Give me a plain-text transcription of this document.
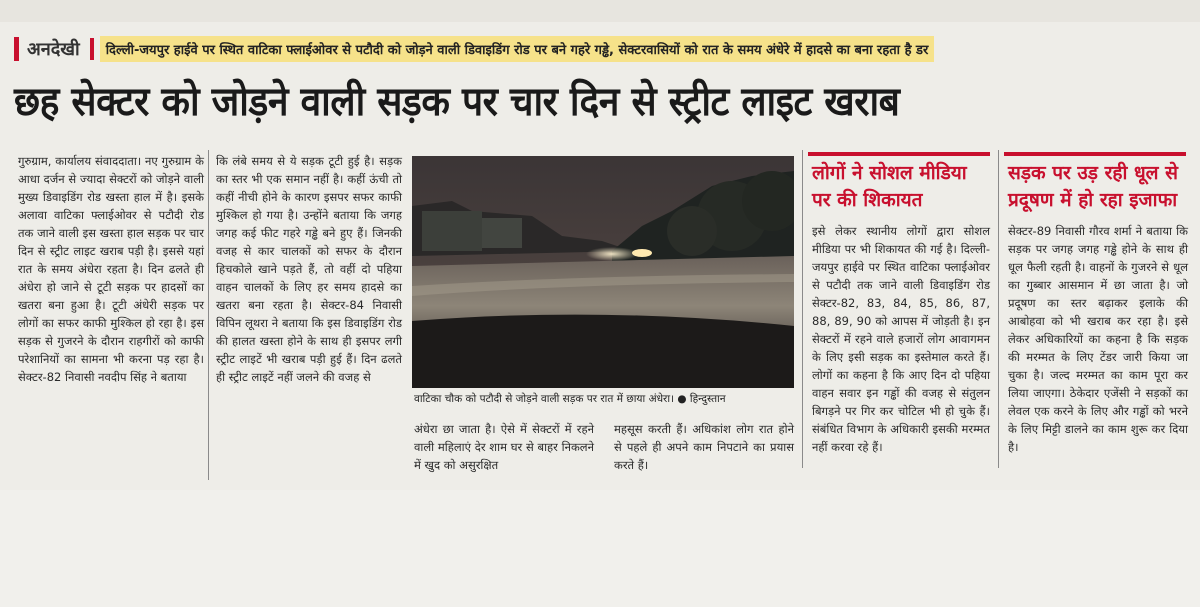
अनदेखी	दिल्ली-जयपुर हाईवे पर स्थित वाटिका फ्लाईओवर से पटौदी को जोड़ने वाली डिवाइडिंग रोड पर बने गहरे गड्ढे, सेक्टरवासियों को रात के समय अंधेरे में हादसे का बना रहता है डर
छह सेक्टर को जोड़ने वाली सड़क पर चार दिन से स्ट्रीट लाइट खराब
गुरुग्राम, कार्यालय संवाददाता। नए गुरुग्राम के आधा दर्जन से ज्यादा सेक्टरों को जोड़ने वाली मुख्य डिवाइडिंग रोड खस्ता हाल में है। इसके अलावा वाटिका फ्लाईओवर से पटौदी रोड तक जाने वाली इस खस्ता हाल सड़क पर चार दिन से स्ट्रीट लाइट खराब पड़ी है। इससे यहां रात के समय अंधेरा रहता है। दिन ढलते ही अंधेरा हो जाने से टूटी सड़क पर हादसों का खतरा बना हुआ है। टूटी अंधेरी सड़क पर लोगों का सफर काफी मुश्किल हो रहा है। इस सड़क से गुजरने के दौरान राहगीरों को काफी परेशानियों का सामना भी करना पड़ रहा है। सेक्टर-82 निवासी नवदीप सिंह ने बताया
कि लंबे समय से ये सड़क टूटी हुई है। सड़क का स्तर भी एक समान नहीं है। कहीं ऊंची तो कहीं नीची होने के कारण इसपर सफर काफी मुश्किल हो गया है। उन्होंने बताया कि जगह जगह कई फीट गहरे गड्ढे बने हुए हैं। जिनकी वजह से कार चालकों को सफर के दौरान हिचकोले खाने पड़ते हैं, तो वहीं दो पहिया वाहन चालकों के लिए हर समय हादसे का खतरा बना रहता है। सेक्टर-84 निवासी विपिन लूथरा ने बताया कि इस डिवाइडिंग रोड की हालत खस्ता होने के साथ ही इसपर लगी स्ट्रीट लाइटें भी खराब पड़ी हुई हैं। दिन ढलते ही स्ट्रीट लाइटें नहीं जलने की वजह से
वाटिका चौक को पटौदी से जोड़ने वाली सड़क पर रात में छाया अंधेरा। ● हिन्दुस्तान
अंधेरा छा जाता है। ऐसे में सेक्टरों में रहने वाली महिलाएं देर शाम घर से बाहर निकलने में खुद को असुरक्षित
महसूस करती हैं। अधिकांश लोग रात होने से पहले ही अपने काम निपटाने का प्रयास करते हैं।
लोगों ने सोशल मीडिया पर की शिकायत
इसे लेकर स्थानीय लोगों द्वारा सोशल मीडिया पर भी शिकायत की गई है। दिल्ली-जयपुर हाईवे पर स्थित वाटिका फ्लाईओवर से पटौदी तक जाने वाली डिवाइडिंग रोड सेक्टर-82, 83, 84, 85, 86, 87, 88, 89, 90 को आपस में जोड़ती है। इन सेक्टरों में रहने वाले हजारों लोग आवागमन के लिए इसी सड़क का इस्तेमाल करते हैं। लोगों का कहना है कि आए दिन दो पहिया वाहन सवार इन गड्ढों की वजह से संतुलन बिगड़ने पर गिर कर चोटिल भी हो चुके हैं। संबंधित विभाग के अधिकारी इसकी मरम्मत नहीं करवा रहे हैं।
सड़क पर उड़ रही धूल से प्रदूषण में हो रहा इजाफा
सेक्टर-89 निवासी गौरव शर्मा ने बताया कि सड़क पर जगह जगह गड्ढे होने के साथ ही धूल फैली रहती है। वाहनों के गुजरने से धूल का गुब्बार आसमान में छा जाता है। जो प्रदूषण का स्तर बढ़ाकर इलाके की आबोहवा को भी खराब कर रहा है। इसे लेकर अधिकारियों का कहना है कि सड़क की मरम्मत के लिए टेंडर जारी किया जा चुका है। जल्द मरम्मत का काम पूरा कर लिया जाएगा। ठेकेदार एजेंसी ने सड़कों का लेवल एक करने के लिए और गड्ढों को भरने के लिए मिट्टी डालने का काम शुरू कर दिया है।
